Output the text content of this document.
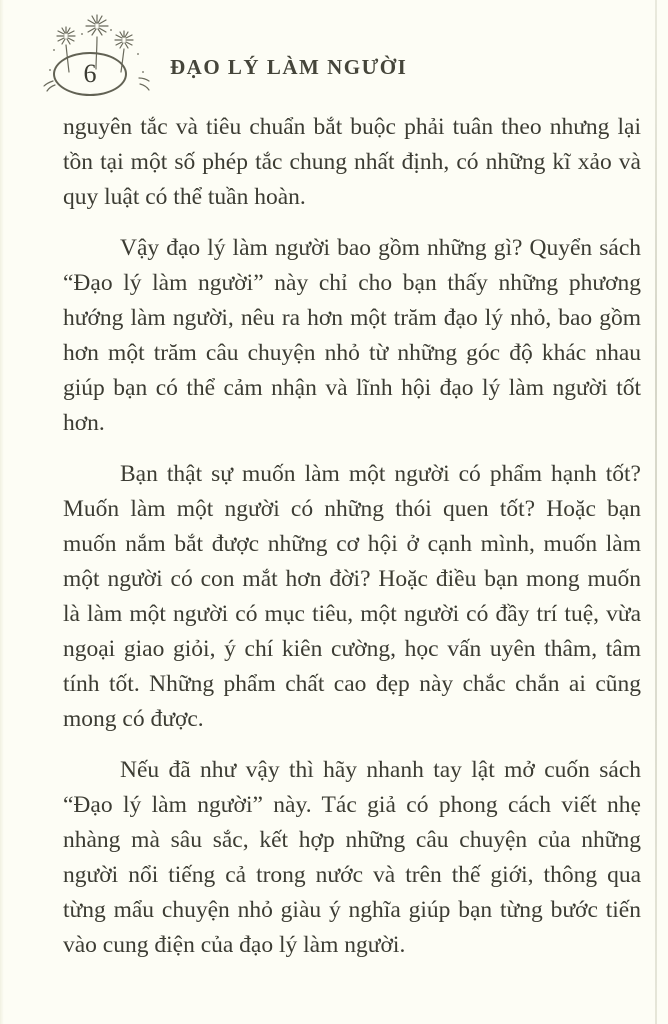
6	ĐẠO LÝ LÀM NGƯỜI

nguyên tắc và tiêu chuẩn bắt buộc phải tuân theo nhưng lại tồn tại một số phép tắc chung nhất định, có những kĩ xảo và quy luật có thể tuần hoàn.

Vậy đạo lý làm người bao gồm những gì? Quyển sách “Đạo lý làm người” này chỉ cho bạn thấy những phương hướng làm người, nêu ra hơn một trăm đạo lý nhỏ, bao gồm hơn một trăm câu chuyện nhỏ từ những góc độ khác nhau giúp bạn có thể cảm nhận và lĩnh hội đạo lý làm người tốt hơn.

Bạn thật sự muốn làm một người có phẩm hạnh tốt? Muốn làm một người có những thói quen tốt? Hoặc bạn muốn nắm bắt được những cơ hội ở cạnh mình, muốn làm một người có con mắt hơn đời? Hoặc điều bạn mong muốn là làm một người có mục tiêu, một người có đầy trí tuệ, vừa ngoại giao giỏi, ý chí kiên cường, học vấn uyên thâm, tâm tính tốt. Những phẩm chất cao đẹp này chắc chắn ai cũng mong có được.

Nếu đã như vậy thì hãy nhanh tay lật mở cuốn sách “Đạo lý làm người” này. Tác giả có phong cách viết nhẹ nhàng mà sâu sắc, kết hợp những câu chuyện của những người nổi tiếng cả trong nước và trên thế giới, thông qua từng mẩu chuyện nhỏ giàu ý nghĩa giúp bạn từng bước tiến vào cung điện của đạo lý làm người.
